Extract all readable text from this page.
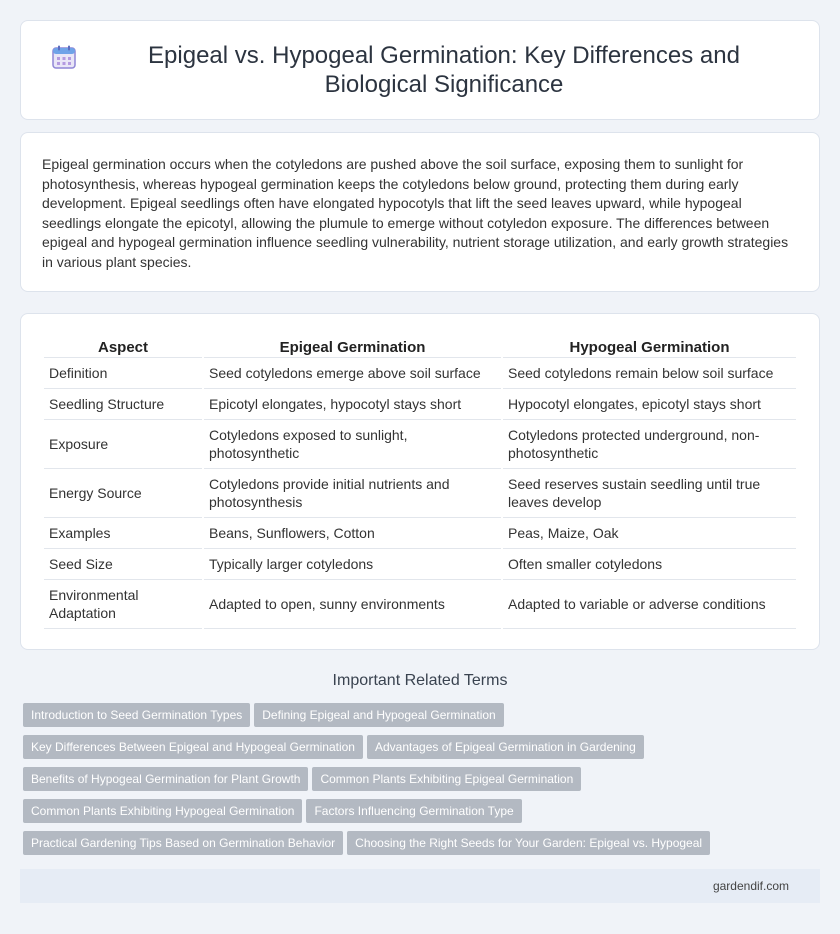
Epigeal vs. Hypogeal Germination: Key Differences and Biological Significance

Epigeal germination occurs when the cotyledons are pushed above the soil surface, exposing them to sunlight for photosynthesis, whereas hypogeal germination keeps the cotyledons below ground, protecting them during early development. Epigeal seedlings often have elongated hypocotyls that lift the seed leaves upward, while hypogeal seedlings elongate the epicotyl, allowing the plumule to emerge without cotyledon exposure. The differences between epigeal and hypogeal germination influence seedling vulnerability, nutrient storage utilization, and early growth strategies in various plant species.

Aspect	Epigeal Germination	Hypogeal Germination
Definition	Seed cotyledons emerge above soil surface	Seed cotyledons remain below soil surface
Seedling Structure	Epicotyl elongates, hypocotyl stays short	Hypocotyl elongates, epicotyl stays short
Exposure	Cotyledons exposed to sunlight, photosynthetic	Cotyledons protected underground, non-photosynthetic
Energy Source	Cotyledons provide initial nutrients and photosynthesis	Seed reserves sustain seedling until true leaves develop
Examples	Beans, Sunflowers, Cotton	Peas, Maize, Oak
Seed Size	Typically larger cotyledons	Often smaller cotyledons
Environmental Adaptation	Adapted to open, sunny environments	Adapted to variable or adverse conditions
Important Related Terms
Introduction to Seed Germination Types Defining Epigeal and Hypogeal Germination
Key Differences Between Epigeal and Hypogeal Germination Advantages of Epigeal Germination in Gardening
Benefits of Hypogeal Germination for Plant Growth Common Plants Exhibiting Epigeal Germination
Common Plants Exhibiting Hypogeal Germination Factors Influencing Germination Type
Practical Gardening Tips Based on Germination Behavior Choosing the Right Seeds for Your Garden: Epigeal vs. Hypogeal
gardendif.com
